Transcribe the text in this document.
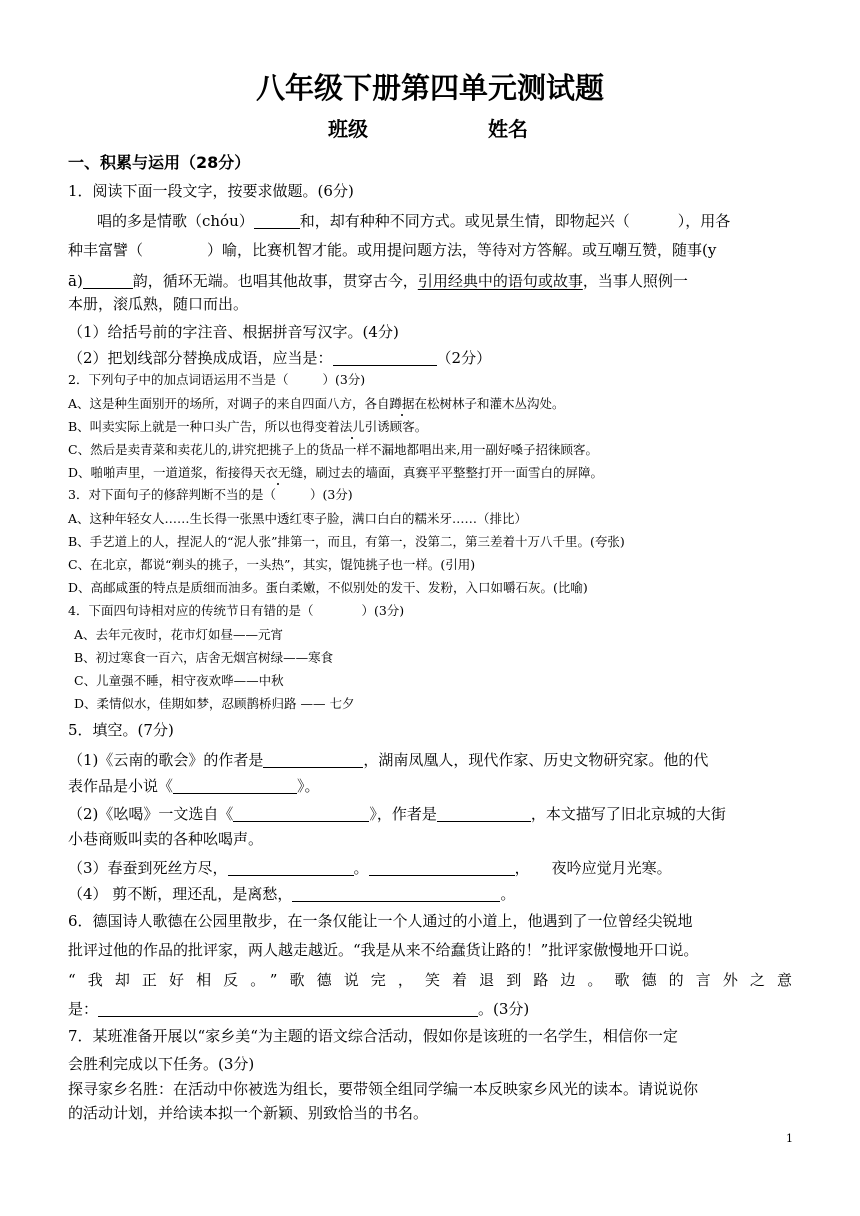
八年级下册第四单元测试题
班级	姓名
一、积累与运用（28分）
1．阅读下面一段文字，按要求做题。(6分)
唱的多是情歌（chóu）	和，却有种种不同方式。或见景生情，即物起兴（	），用各
种丰富譬（	）喻，比赛机智才能。或用提问题方法，等待对方答解。或互嘲互赞，随事(y
ā)	韵，循环无端。也唱其他故事，贯穿古今，引用经典中的语句或故事，当事人照例一
本册，滚瓜熟，随口而出。
（1）给括号前的字注音、根据拼音写汉字。(4分)
（2）把划线部分替换成成语，应当是：	（2分）
2．下列句子中的加点词语运用不当是（	）(3分)
A、这是种生面别开的场所，对调子的来自四面八方，各自蹲据在松树林子和灌木丛沟处。
B、叫卖实际上就是一种口头广告，所以也得变着法儿引诱顾客。
C、然后是卖青菜和卖花儿的,讲究把挑子上的货品一样不漏地都唱出来,用一副好嗓子招徕顾客。
D、啪啪声里，一道道浆，衔接得天衣无缝，刷过去的墙面，真赛平平整整打开一面雪白的屏障。
3．对下面句子的修辞判断不当的是（	）(3分)
A、这种年轻女人……生长得一张黑中透红枣子脸，满口白白的糯米牙……（排比）
B、手艺道上的人，捏泥人的“泥人张”排第一，而且，有第一，没第二，第三差着十万八千里。(夸张)
C、在北京，都说“剃头的挑子，一头热”，其实，馄饨挑子也一样。(引用)
D、高邮咸蛋的特点是质细而油多。蛋白柔嫩，不似别处的发干、发粉，入口如嚼石灰。(比喻)
4．下面四句诗相对应的传统节日有错的是（	）(3分)
A、去年元夜时，花市灯如昼——元宵
B、初过寒食一百六，店舍无烟宫树绿——寒食
C、儿童强不睡，相守夜欢哗——中秋
D、柔情似水，佳期如梦，忍顾鹊桥归路 —— 七夕
5．填空。(7分)
（1)《云南的歌会》的作者是	，湖南凤凰人，现代作家、历史文物研究家。他的代
表作品是小说《	》。
（2)《吆喝》一文选自《	》，作者是	，本文描写了旧北京城的大街
小巷商贩叫卖的各种吆喝声。
（3）春蚕到死丝方尽，	。	， 夜吟应觉月光寒。
（4） 剪不断，理还乱，是离愁，	。
6．德国诗人歌德在公园里散步，在一条仅能让一个人通过的小道上，他遇到了一位曾经尖锐地
批评过他的作品的批评家，两人越走越近。“我是从来不给蠢货让路的！”批评家傲慢地开口说。
“我却正好相反。”歌德说完，笑着退到路边。歌德的言外之意
是：	。(3分)
7．某班准备开展以“家乡美“为主题的语文综合活动，假如你是该班的一名学生，相信你一定
会胜利完成以下任务。(3分)
探寻家乡名胜：在活动中你被选为组长，要带领全组同学编一本反映家乡风光的读本。请说说你
的活动计划，并给读本拟一个新颖、别致恰当的书名。
1
